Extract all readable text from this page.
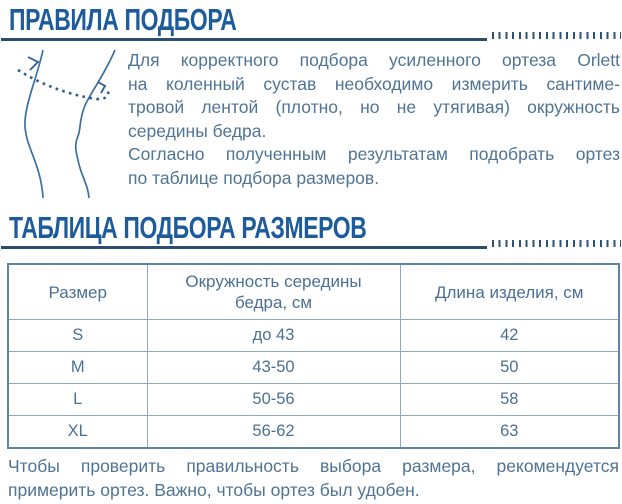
ПРАВИЛА ПОДБОРА
Для корректного подбора усиленного ортеза Orlett
на коленный сустав необходимо измерить сантиме-
тровой лентой (плотно, но не утягивая) окружность
середины бедра.
Согласно полученным результатам подобрать ортез
по таблице подбора размеров.
ТАБЛИЦА ПОДБОРА РАЗМЕРОВ
Размер	Окружность середины бедра, см	Длина изделия, см
S	до 43	42
M	43-50	50
L	50-56	58
XL	56-62	63
Чтобы проверить правильность выбора размера, рекомендуется
примерить ортез. Важно, чтобы ортез был удобен.
